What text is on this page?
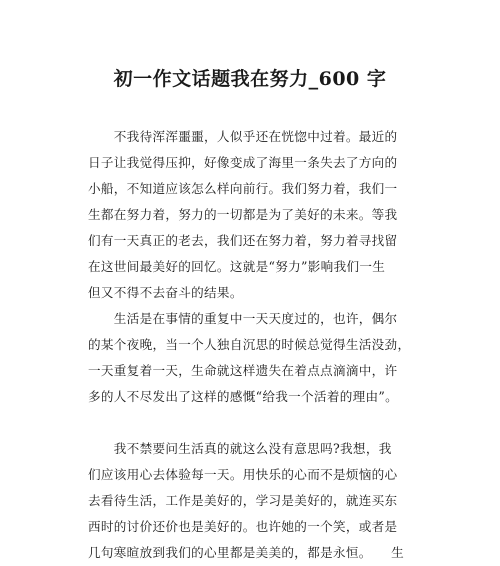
初一作文话题我在努力_600 字
　　不我待浑浑噩噩，人似乎还在恍惚中过着。最近的
日子让我觉得压抑，好像变成了海里一条失去了方向的
小船，不知道应该怎么样向前行。我们努力着，我们一
生都在努力着，努力的一切都是为了美好的未来。等我
们有一天真正的老去，我们还在努力着，努力着寻找留
在这世间最美好的回忆。这就是“努力”影响我们一生
但又不得不去奋斗的结果。
　　生活是在事情的重复中一天天度过的，也许，偶尔
的某个夜晚，当一个人独自沉思的时候总觉得生活没劲，
一天重复着一天，生命就这样遗失在着点点滴滴中，许
多的人不尽发出了这样的感慨“给我一个活着的理由”。
　　我不禁要问生活真的就这么没有意思吗?我想，我
们应该用心去体验每一天。用快乐的心而不是烦恼的心
去看待生活，工作是美好的，学习是美好的，就连买东
西时的讨价还价也是美好的。也许她的一个笑，或者是
几句寒暄放到我们的心里都是美美的，都是永恒。　　生
